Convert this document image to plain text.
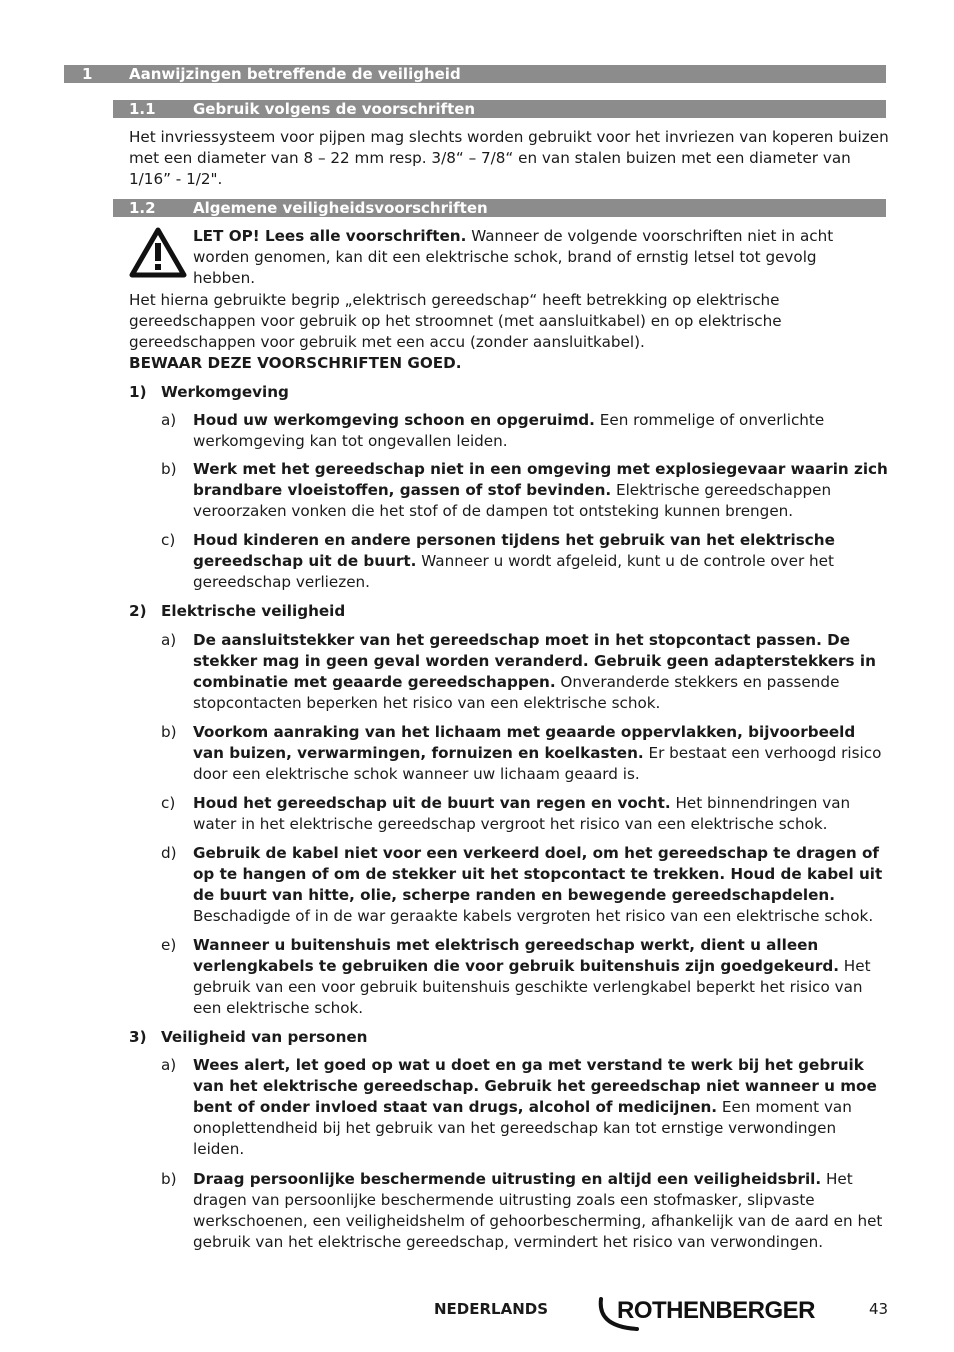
1 Aanwijzingen betreffende de veiligheid
1.1 Gebruik volgens de voorschriften

Het invriessysteem voor pijpen mag slechts worden gebruikt voor het invriezen van koperen buizen met een diameter van 8 – 22 mm resp. 3/8“ – 7/8“ en van stalen buizen met een diameter van 1/16” - 1/2".

1.2 Algemene veiligheidsvoorschriften

LET OP! Lees alle voorschriften. Wanneer de volgende voorschriften niet in acht worden genomen, kan dit een elektrische schok, brand of ernstig letsel tot gevolg hebben.

Het hierna gebruikte begrip „elektrisch gereedschap“ heeft betrekking op elektrische gereedschappen voor gebruik op het stroomnet (met aansluitkabel) en op elektrische gereedschappen voor gebruik met een accu (zonder aansluitkabel).

BEWAAR DEZE VOORSCHRIFTEN GOED.

1) Werkomgeving
a) Houd uw werkomgeving schoon en opgeruimd. Een rommelige of onverlichte werkomgeving kan tot ongevallen leiden.

b) Werk met het gereedschap niet in een omgeving met explosiegevaar waarin zich brandbare vloeistoffen, gassen of stof bevinden. Elektrische gereedschappen veroorzaken vonken die het stof of de dampen tot ontsteking kunnen brengen.

c) Houd kinderen en andere personen tijdens het gebruik van het elektrische gereedschap uit de buurt. Wanneer u wordt afgeleid, kunt u de controle over het gereedschap verliezen.

2) Elektrische veiligheid
a) De aansluitstekker van het gereedschap moet in het stopcontact passen. De stekker mag in geen geval worden veranderd. Gebruik geen adapterstekkers in combinatie met geaarde gereedschappen. Onveranderde stekkers en passende stopcontacten beperken het risico van een elektrische schok.

b) Voorkom aanraking van het lichaam met geaarde oppervlakken, bijvoorbeeld van buizen, verwarmingen, fornuizen en koelkasten. Er bestaat een verhoogd risico door een elektrische schok wanneer uw lichaam geaard is.

c) Houd het gereedschap uit de buurt van regen en vocht. Het binnendringen van water in het elektrische gereedschap vergroot het risico van een elektrische schok.

d) Gebruik de kabel niet voor een verkeerd doel, om het gereedschap te dragen of op te hangen of om de stekker uit het stopcontact te trekken. Houd de kabel uit de buurt van hitte, olie, scherpe randen en bewegende gereedschapdelen. Beschadigde of in de war geraakte kabels vergroten het risico van een elektrische schok.

e) Wanneer u buitenshuis met elektrisch gereedschap werkt, dient u alleen verlengkabels te gebruiken die voor gebruik buitenshuis zijn goedgekeurd. Het gebruik van een voor gebruik buitenshuis geschikte verlengkabel beperkt het risico van een elektrische schok.

3) Veiligheid van personen
a) Wees alert, let goed op wat u doet en ga met verstand te werk bij het gebruik van het elektrische gereedschap. Gebruik het gereedschap niet wanneer u moe bent of onder invloed staat van drugs, alcohol of medicijnen. Een moment van onoplettendheid bij het gebruik van het gereedschap kan tot ernstige verwondingen leiden.

b) Draag persoonlijke beschermende uitrusting en altijd een veiligheidsbril. Het dragen van persoonlijke beschermende uitrusting zoals een stofmasker, slipvaste werkschoenen, een veiligheidshelm of gehoorbescherming, afhankelijk van de aard en het gebruik van het elektrische gereedschap, vermindert het risico van verwondingen.

NEDERLANDS	ROTHENBERGER	43
